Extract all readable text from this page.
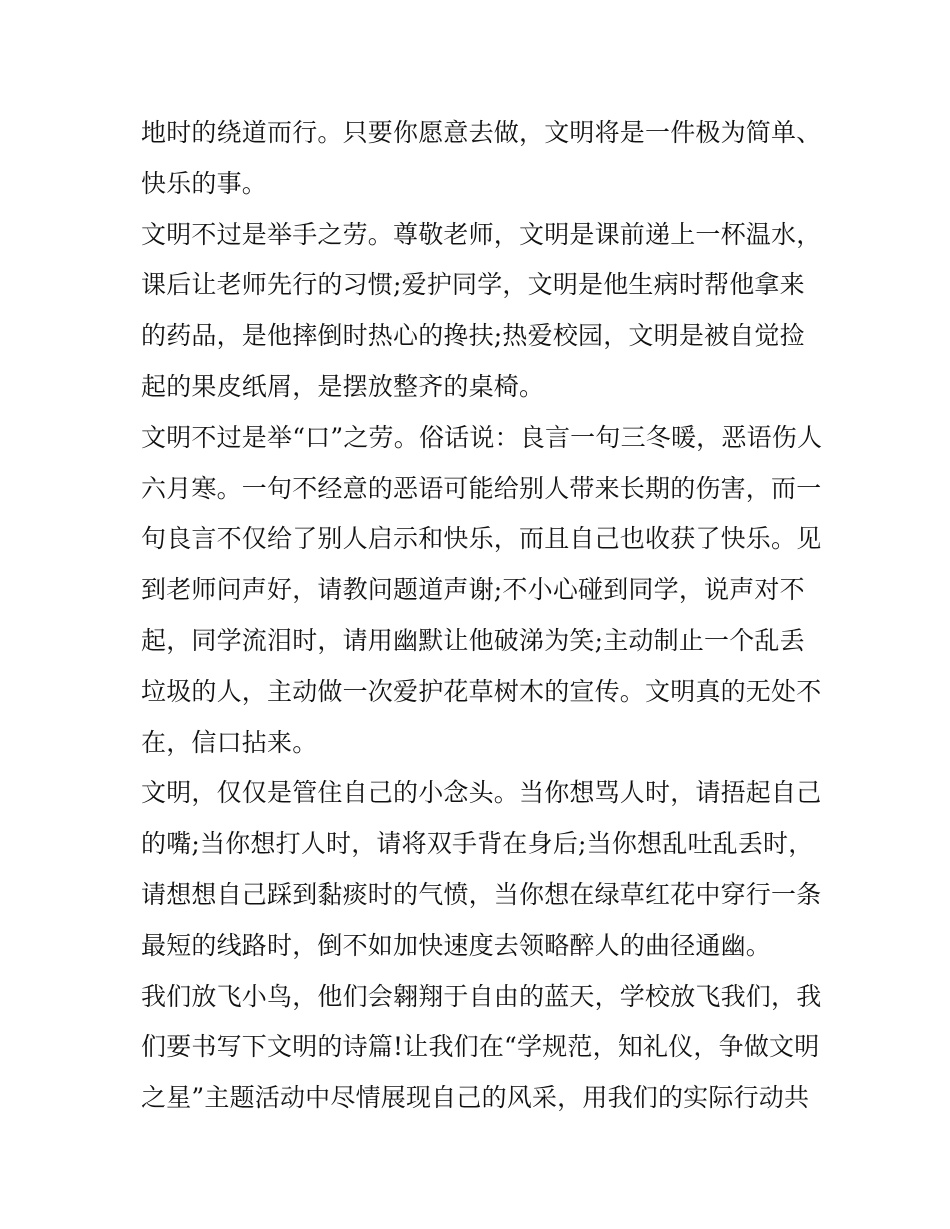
地时的绕道而行。只要你愿意去做，文明将是一件极为简单、
快乐的事。
文明不过是举手之劳。尊敬老师，文明是课前递上一杯温水，
课后让老师先行的习惯;爱护同学，文明是他生病时帮他拿来
的药品，是他摔倒时热心的搀扶;热爱校园，文明是被自觉捡
起的果皮纸屑，是摆放整齐的桌椅。
文明不过是举“口”之劳。俗话说：良言一句三冬暖，恶语伤人
六月寒。一句不经意的恶语可能给别人带来长期的伤害，而一
句良言不仅给了别人启示和快乐，而且自己也收获了快乐。见
到老师问声好，请教问题道声谢;不小心碰到同学，说声对不
起，同学流泪时，请用幽默让他破涕为笑;主动制止一个乱丢
垃圾的人，主动做一次爱护花草树木的宣传。文明真的无处不
在，信口拈来。
文明，仅仅是管住自己的小念头。当你想骂人时，请捂起自己
的嘴;当你想打人时，请将双手背在身后;当你想乱吐乱丢时，
请想想自己踩到黏痰时的气愤，当你想在绿草红花中穿行一条
最短的线路时，倒不如加快速度去领略醉人的曲径通幽。
我们放飞小鸟，他们会翱翔于自由的蓝天，学校放飞我们，我
们要书写下文明的诗篇!让我们在“学规范，知礼仪，争做文明
之星”主题活动中尽情展现自己的风采，用我们的实际行动共
